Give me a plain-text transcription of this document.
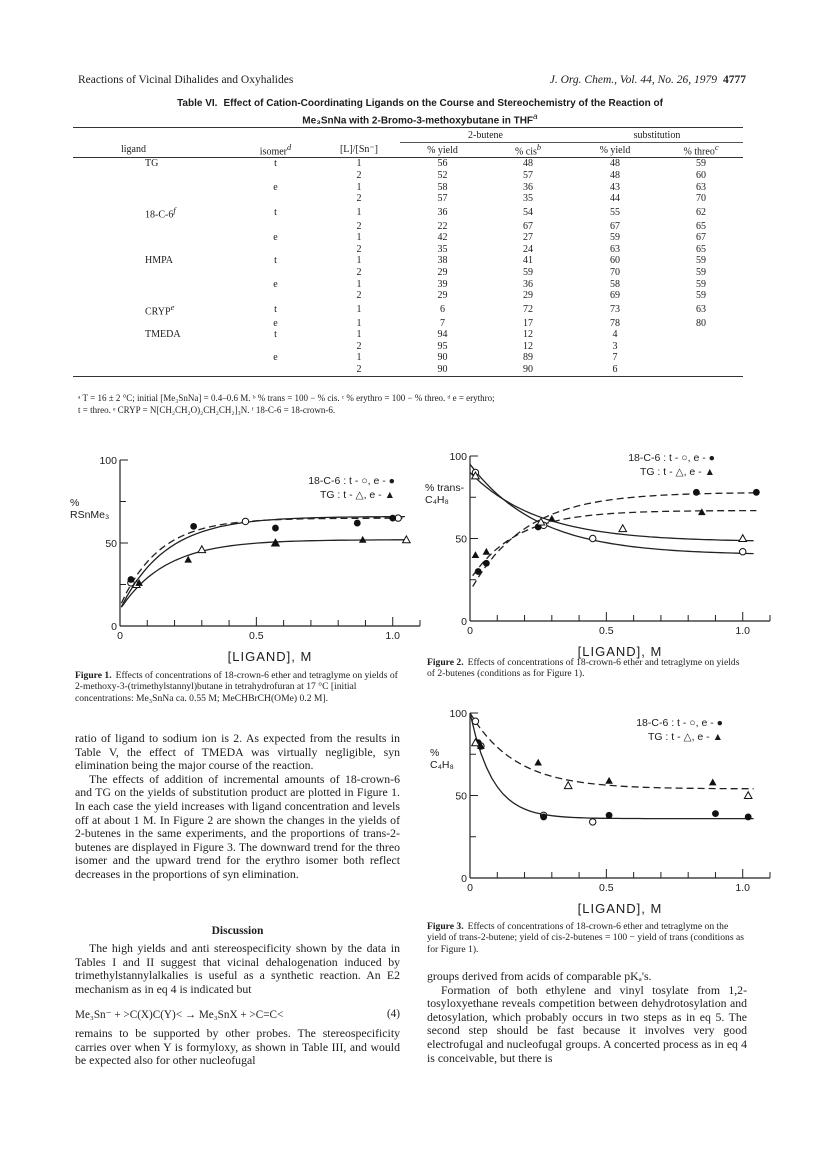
Reactions of Vicinal Dihalides and Oxyhalides	J. Org. Chem., Vol. 44, No. 26, 1979 4777
Table VI. Effect of Cation-Coordinating Ligands on the Course and Stereochemistry of the Reaction of
Me₃SnNa with 2-Bromo-3-methoxybutane in THF$^a$
			2-butene		substitution	
ligand	isomer$^d$	[L]/[Sn⁻]	% yield	% cis$^b$	% yield	% threo$^c$
TG	t	1	56	48	48	59
		2	52	57	48	60
	e	1	58	36	43	63
		2	57	35	44	70
18-C-6$^f$	t	1	36	54	55	62
		2	22	67	67	65
	e	1	42	27	59	67
		2	35	24	63	65
HMPA	t	1	38	41	60	59
		2	29	59	70	59
	e	1	39	36	58	59
		2	29	29	69	59
CRYP$^e$	t	1	6	72	73	63
	e	1	7	17	78	80
TMEDA	t	1	94	12	4	
		2	95	12	3	
	e	1	90	89	7	
		2	90	90	6	
ᵃ T = 16 ± 2 °C; initial [Me₃SnNa] = 0.4–0.6 M. ᵇ % trans = 100 − % cis. ᶜ % erythro = 100 − % threo. ᵈ e = erythro;
t = threo. ᵉ CRYP = N[CH₂CH₂O)₂CH₂CH₂]₃N. ᶠ 18-C-6 = 18-crown-6.
0	0.5	1.0
0
50
100
[LIGAND], M
%
RSnMe₃
18-C-6 : t - ○, e - ●
TG : t - △, e - ▲
Figure 1. Effects of concentrations of 18-crown-6 ether and tetraglyme on yields of 2-methoxy-3-(trimethylstannyl)butane in tetrahydrofuran at 17 °C [initial concentrations: Me₃SnNa ca. 0.55 M; MeCHBrCH(OMe) 0.2 M].
0	0.5	1.0
0
50
100
[LIGAND], M
% trans-
C₄H₈
18-C-6 : t - ○, e - ●
TG : t - △, e - ▲
Figure 2. Effects of concentrations of 18-crown-6 ether and tetraglyme on yields of 2-butenes (conditions as for Figure 1).
0	0.5	1.0
0
50
100
[LIGAND], M
%
C₄H₈
18-C-6 : t - ○, e - ●
TG : t - △, e - ▲
Figure 3. Effects of concentrations of 18-crown-6 ether and tetraglyme on the yield of trans-2-butene; yield of cis-2-butenes = 100 − yield of trans (conditions as for Figure 1).

ratio of ligand to sodium ion is 2. As expected from the results in Table V, the effect of TMEDA was virtually negligible, syn elimination being the major course of the reaction.

The effects of addition of incremental amounts of 18-crown-6 and TG on the yields of substitution product are plotted in Figure 1. In each case the yield increases with ligand concentration and levels off at about 1 M. In Figure 2 are shown the changes in the yields of 2-butenes in the same experiments, and the proportions of trans-2-butenes are displayed in Figure 3. The downward trend for the threo isomer and the upward trend for the erythro isomer both reflect decreases in the proportions of syn elimination.

Discussion

The high yields and anti stereospecificity shown by the data in Tables I and II suggest that vicinal dehalogenation induced by trimethylstannylalkalies is useful as a synthetic reaction. An E2 mechanism as in eq 4 is indicated but

Me₃Sn⁻ + >C(X)C(Y)< → Me₃SnX + >C=C<	(4)

remains to be supported by other probes. The stereospecificity carries over when Y is formyloxy, as shown in Table III, and would be expected also for other nucleofugal

groups derived from acids of comparable pKₐ's.

Formation of both ethylene and vinyl tosylate from 1,2-tosyloxyethane reveals competition between dehydrotosylation and detosylation, which probably occurs in two steps as in eq 5. The second step should be fast because it involves very good electrofugal and nucleofugal groups. A concerted process as in eq 4 is conceivable, but there is
